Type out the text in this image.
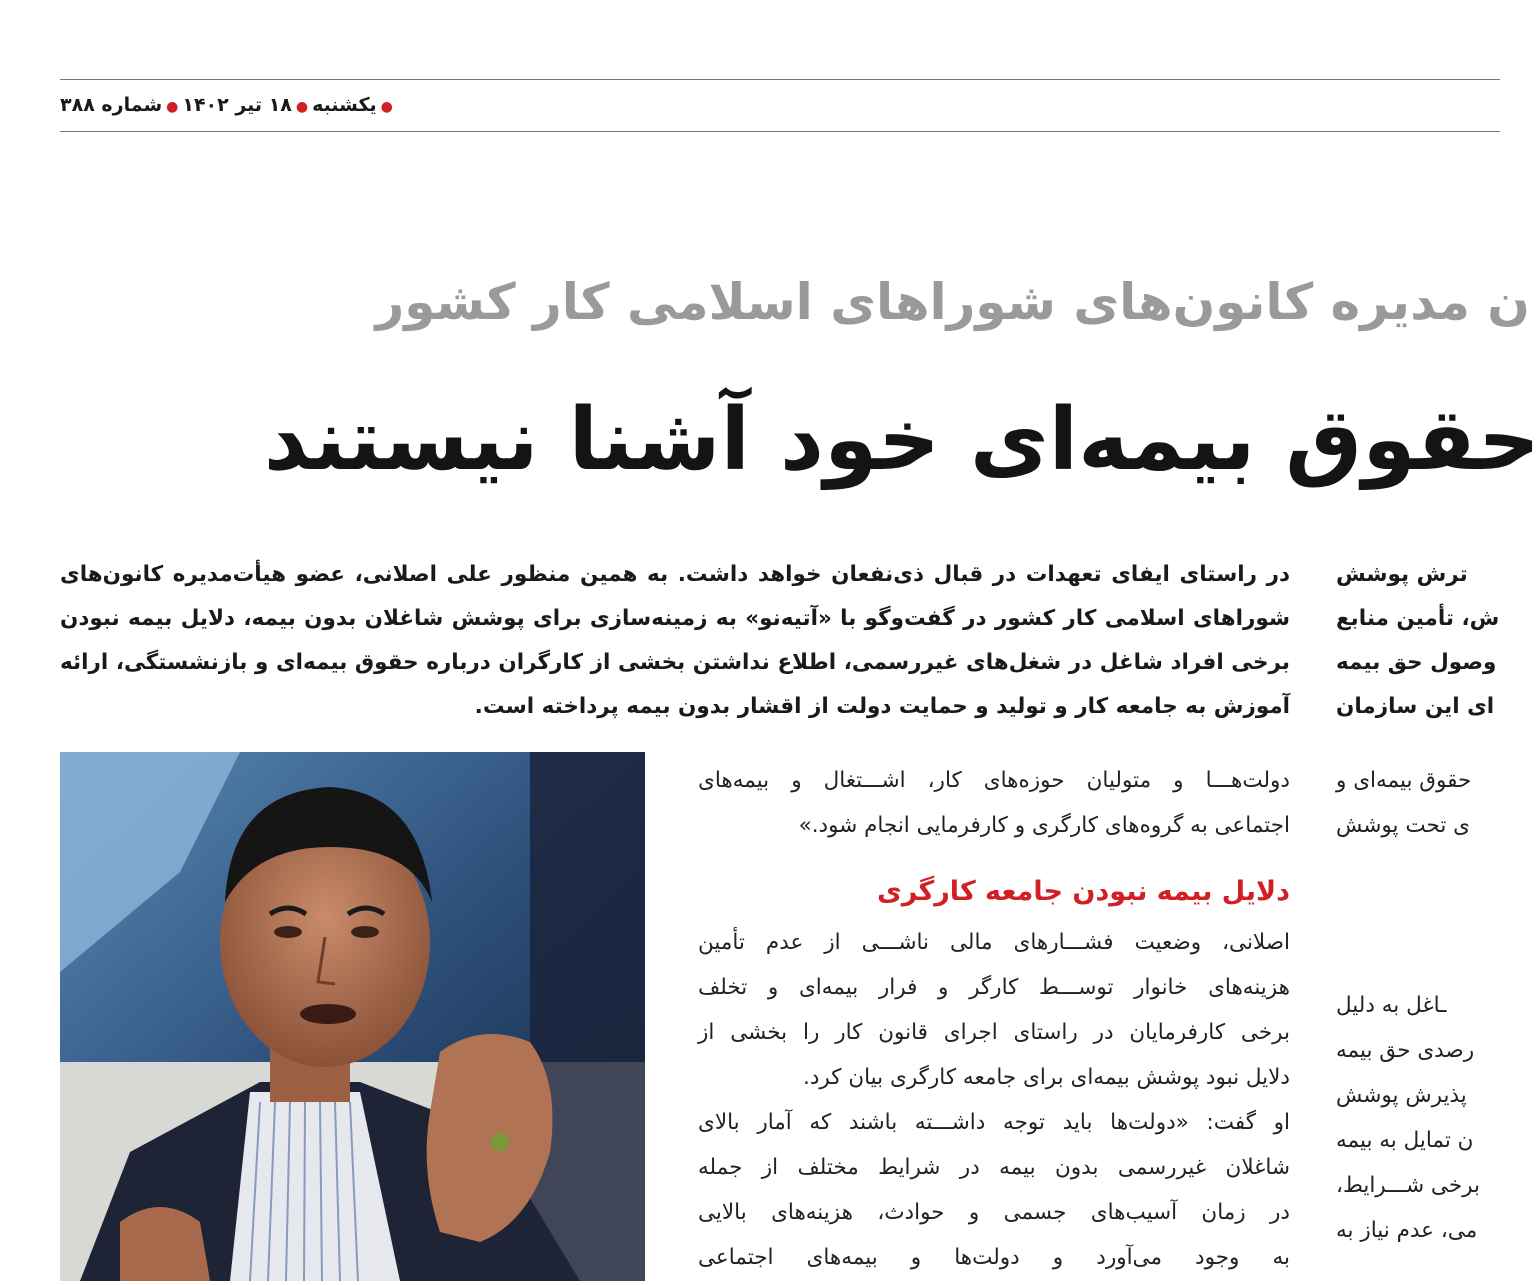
●یکشنبه●۱۸ تیر ۱۴۰۲●شماره ۳۸۸
ن مدیره کانون‌های شوراهای اسلامی کار کشور
حقوق بیمه‌ای خود آشنا نیستند
در راستای ایفای تعهدات در قبال ذی‌نفعان خواهد داشت. به همین منظور علی اصلانی، عضو هیأت‌مدیره کانون‌های
شوراهای اسلامی کار کشور در گفت‌وگو با «آتیه‌نو» به زمینه‌سازی برای پوشش شاغلان بدون بیمه، دلایل بیمه نبودن
برخی افراد شاغل در شغل‌های غیررسمی، اطلاع نداشتن بخشی از کارگران درباره حقوق بیمه‌ای و بازنشستگی، ارائه
آموزش به جامعه کار و تولید و حمایت دولت از اقشار بدون بیمه پرداخته است.
ترش پوشش
ش، تأمین منابع
وصول حق بیمه
ای این سازمان
دولت‌هـــا و متولیان حوزه‌های کار، اشـــتغال و بیمه‌های
اجتماعی به گروه‌های کارگری و کارفرمایی انجام شود.»
دلایل بیمه نبودن جامعه کارگری
اصلانی، وضعیت فشـــارهای مالی ناشـــی از عدم تأمین
هزینه‌های خانوار توســـط کارگر و فرار بیمه‌ای و تخلف
برخی کارفرمایان در راستای اجرای قانون کار را بخشی از
دلایل نبود پوشش بیمه‌ای برای جامعه کارگری بیان کرد.
او گفت: «دولت‌ها باید توجه داشـــته باشند که آمار بالای
شاغلان غیررسمی بدون بیمه در شرایط مختلف از جمله
در زمان آسیب‌های جسمی و حوادث، هزینه‌های بالایی
به وجود می‌آورد و دولت‌ها و بیمه‌های اجتماعی
حقوق بیمه‌ای و
ی تحت پوشش
ـاغل به دلیل
رصدی حق بیمه
پذیرش پوشش
ن تمایل به بیمه
برخی شـــرایط،
می، عدم نیاز به
